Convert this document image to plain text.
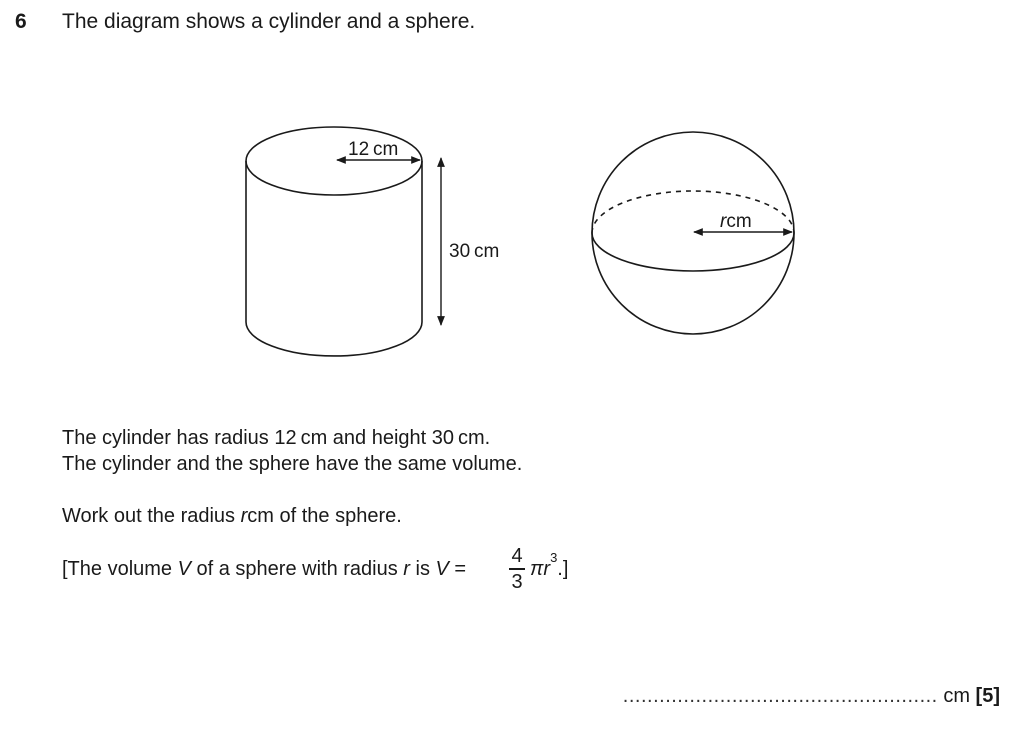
6 The diagram shows a cylinder and a sphere.
12 cm
30 cm
rcm
The cylinder has radius 12 cm and height 30 cm.
The cylinder and the sphere have the same volume.
Work out the radius rcm of the sphere.
[The volume V of a sphere with radius r is V =
4
3
$\pi r^3$.]
.................................................... cm [5]
